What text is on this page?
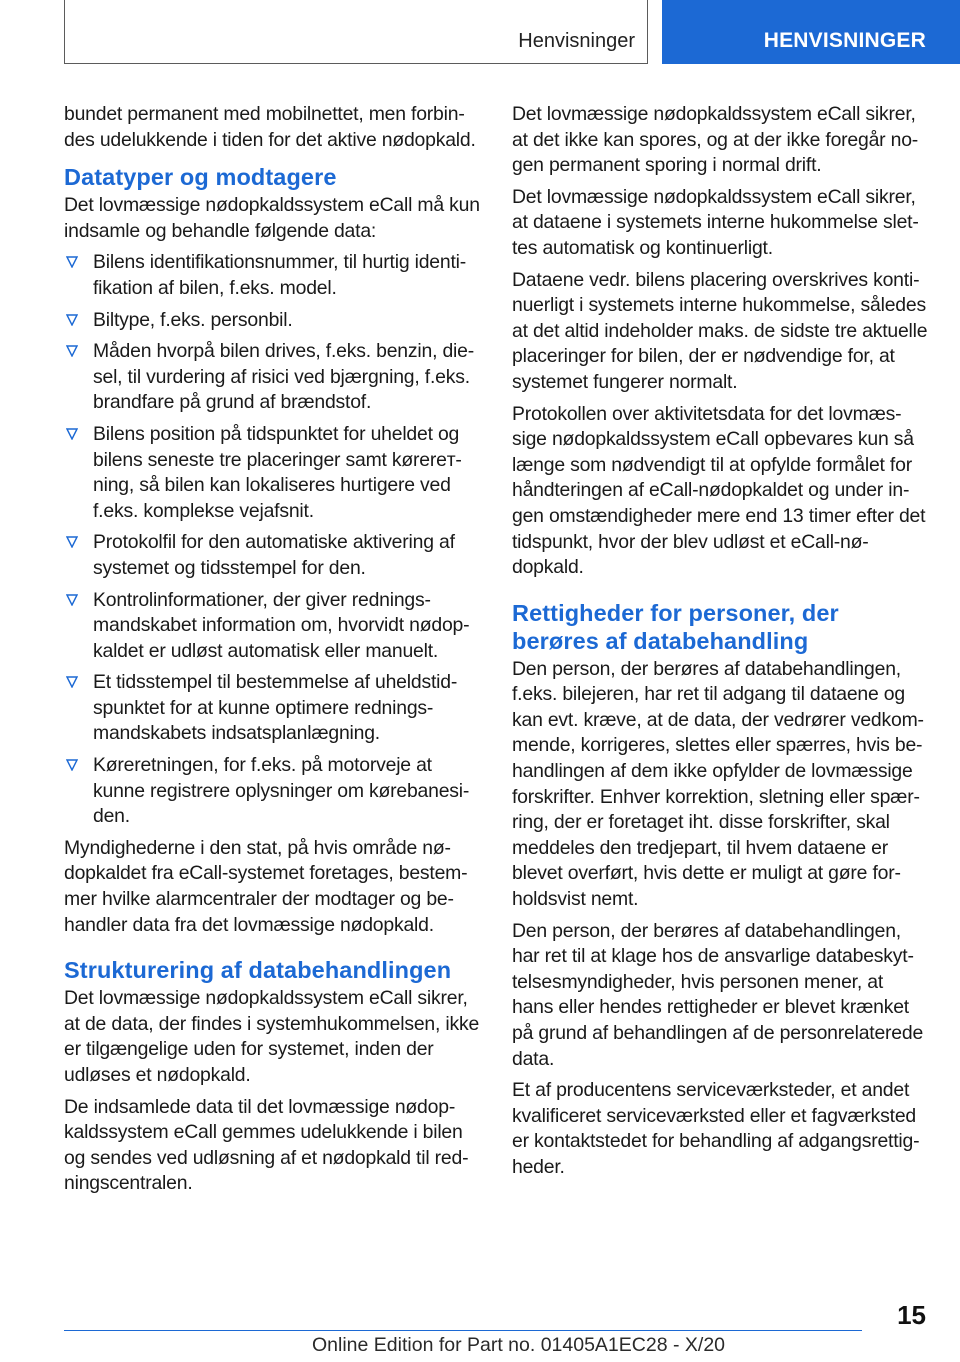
Henvisninger	HENVISNINGER

bundet permanent med mobilnettet, men forbindes udelukkende i tiden for det aktive nødopkald.

Datatyper og modtagere

Det lovmæssige nødopkaldssystem eCall må kun indsamle og behandle følgende data:

Bilens identifikationsnummer, til hurtig identifikation af bilen, f.eks. model.
Biltype, f.eks. personbil.
Måden hvorpå bilen drives, f.eks. benzin, diesel, til vurdering af risici ved bjærgning, f.eks. brandfare på grund af brændstof.
Bilens position på tidspunktet for uheldet og bilens seneste tre placeringer samt kørereтning, så bilen kan lokaliseres hurtigere ved f.eks. komplekse vejafsnit.
Protokolfil for den automatiske aktivering af systemet og tidsstempel for den.
Kontrolinformationer, der giver redningsmandskabet information om, hvorvidt nødopkaldet er udløst automatisk eller manuelt.
Et tidsstempel til bestemmelse af uheldstidspunktet for at kunne optimere redningsmandskabets indsatsplanlægning.
Køreretningen, for f.eks. på motorveje at kunne registrere oplysninger om kørebanesiden.

Myndighederne i den stat, på hvis område nødopkaldet fra eCall-systemet foretages, bestemmer hvilke alarmcentraler der modtager og behandler data fra det lovmæssige nødopkald.

Strukturering af databehandlingen

Det lovmæssige nødopkaldssystem eCall sikrer, at de data, der findes i systemhukommelsen, ikke er tilgængelige uden for systemet, inden der udløses et nødopkald.

De indsamlede data til det lovmæssige nødopkaldssystem eCall gemmes udelukkende i bilen og sendes ved udløsning af et nødopkald til redningscentralen.

Det lovmæssige nødopkaldssystem eCall sikrer, at det ikke kan spores, og at der ikke foregår nogen permanent sporing i normal drift.

Det lovmæssige nødopkaldssystem eCall sikrer, at dataene i systemets interne hukommelse slettes automatisk og kontinuerligt.

Dataene vedr. bilens placering overskrives kontinuerligt i systemets interne hukommelse, således at det altid indeholder maks. de sidste tre aktuelle placeringer for bilen, der er nødvendige for, at systemet fungerer normalt.

Protokollen over aktivitetsdata for det lovmæssige nødopkaldssystem eCall opbevares kun så længe som nødvendigt til at opfylde formålet for håndteringen af eCall-nødopkaldet og under ingen omstændigheder mere end 13 timer efter det tidspunkt, hvor der blev udløst et eCall-nødopkald.

Rettigheder for personer, der berøres af databehandling

Den person, der berøres af databehandlingen, f.eks. bilejeren, har ret til adgang til dataene og kan evt. kræve, at de data, der vedrører vedkommende, korrigeres, slettes eller spærres, hvis behandlingen af dem ikke opfylder de lovmæssige forskrifter. Enhver korrektion, sletning eller spærring, der er foretaget iht. disse forskrifter, skal meddeles den tredjepart, til hvem dataene er blevet overført, hvis dette er muligt at gøre forholdsvist nemt.

Den person, der berøres af databehandlingen, har ret til at klage hos de ansvarlige databeskyttelsesmyndigheder, hvis personen mener, at hans eller hendes rettigheder er blevet krænket på grund af behandlingen af de personrelaterede data.

Et af producentens serviceværksteder, et andet kvalificeret serviceværksted eller et fagværksted er kontaktstedet for behandling af adgangsrettigheder.

15
Online Edition for Part no. 01405A1EC28 - X/20
